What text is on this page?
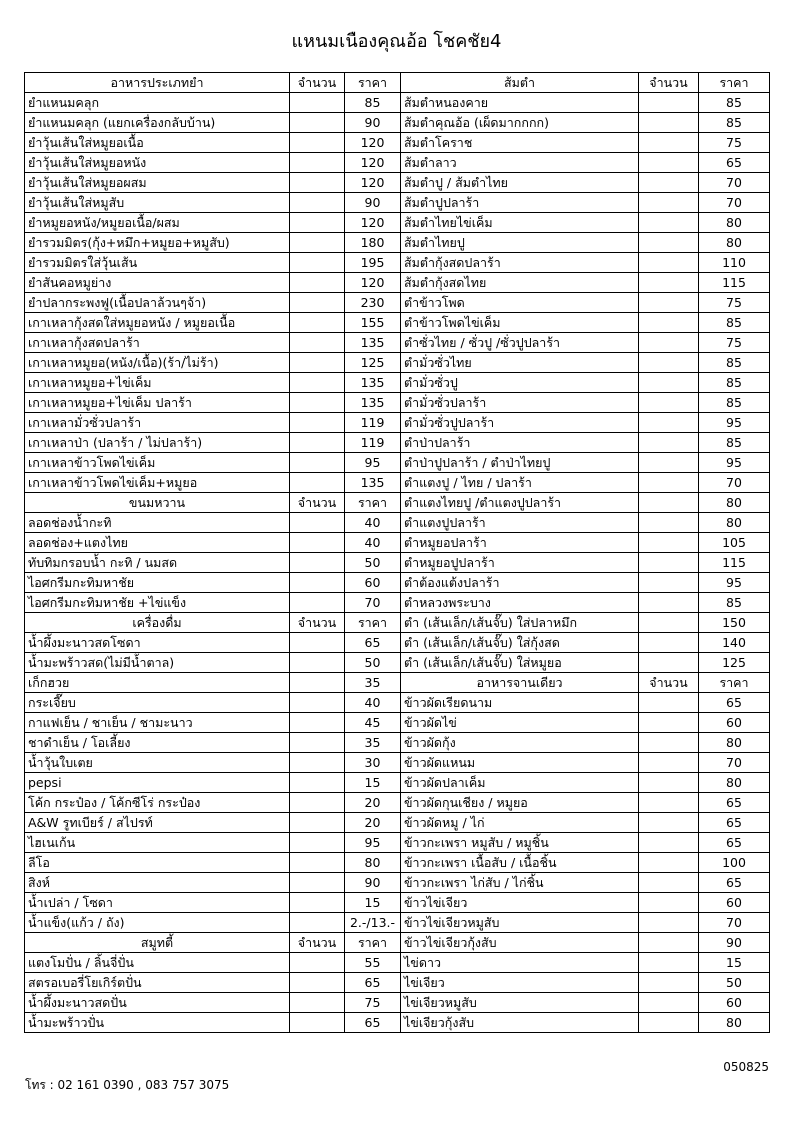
แหนมเนืองคุณอ้อ โชคชัย4
อาหารประเภทยำ	จำนวน	ราคา	ส้มตำ	จำนวน	ราคา
ยำแหนมคลุก		85	ส้มตำหนองคาย		85
ยำแหนมคลุก (แยกเครื่องกลับบ้าน)		90	ส้มตำคุณอ้อ (เผ็ดมากกกก)		85
ยำวุ้นเส้นใส่หมูยอเนื้อ		120	ส้มตำโคราช		75
ยำวุ้นเส้นใส่หมูยอหนัง		120	ส้มตำลาว		65
ยำวุ้นเส้นใส่หมูยอผสม		120	ส้มตำปู / ส้มตำไทย		70
ยำวุ้นเส้นใส่หมูสับ		90	ส้มตำปูปลาร้า		70
ยำหมูยอหนัง/หมูยอเนื้อ/ผสม		120	ส้มตำไทยไข่เค็ม		80
ยำรวมมิตร(กุ้ง+หมึก+หมูยอ+หมูสับ)		180	ส้มตำไทยปู		80
ยำรวมมิตรใส่วุ้นเส้น		195	ส้มตำกุ้งสดปลาร้า		110
ยำสันคอหมูย่าง		120	ส้มตำกุ้งสดไทย		115
ยำปลากระพงฟู(เนื้อปลาล้วนๆจ้า)		230	ตำข้าวโพด		75
เกาเหลากุ้งสดใส่หมูยอหนัง / หมูยอเนื้อ		155	ตำข้าวโพดไข่เค็ม		85
เกาเหลากุ้งสดปลาร้า		135	ตำซั่วไทย / ซั่วปู /ซั่วปูปลาร้า		75
เกาเหลาหมูยอ(หนัง/เนื้อ)(ร้า/ไม่ร้า)		125	ตำมั่วซั่วไทย		85
เกาเหลาหมูยอ+ไข่เค็ม		135	ตำมั่วซั่วปู		85
เกาเหลาหมูยอ+ไข่เค็ม ปลาร้า		135	ตำมั่วซั่วปลาร้า		85
เกาเหลามั่วซั่วปลาร้า		119	ตำมั่วซั่วปูปลาร้า		95
เกาเหลาป่า (ปลาร้า / ไม่ปลาร้า)		119	ตำป่าปลาร้า		85
เกาเหลาข้าวโพดไข่เค็ม		95	ตำป่าปูปลาร้า / ตำป่าไทยปู		95
เกาเหลาข้าวโพดไข่เค็ม+หมูยอ		135	ตำแตงปู / ไทย / ปลาร้า		70
ขนมหวาน	จำนวน	ราคา	ตำแตงไทยปู /ตำแตงปูปลาร้า		80
ลอดช่องน้ำกะทิ		40	ตำแตงปูปลาร้า		80
ลอดช่อง+แตงไทย		40	ตำหมูยอปลาร้า		105
ทับทิมกรอบน้ำ กะทิ / นมสด		50	ตำหมูยอปูปลาร้า		115
ไอศกรีมกะทิมหาชัย		60	ตำต้องแต้งปลาร้า		95
ไอศกรีมกะทิมหาชัย +ไข่แข็ง		70	ตำหลวงพระบาง		85
เครื่องดื่ม	จำนวน	ราคา	ตำ (เส้นเล็ก/เส้นจั๊บ) ใส่ปลาหมึก		150
น้ำผึ้งมะนาวสดโซดา		65	ตำ (เส้นเล็ก/เส้นจั๊บ) ใส่กุ้งสด		140
น้ำมะพร้าวสด(ไม่มีน้ำตาล)		50	ตำ (เส้นเล็ก/เส้นจั๊บ) ใส่หมูยอ		125
เก็กฮวย		35	อาหารจานเดียว	จำนวน	ราคา
กระเจี๊ยบ		40	ข้าวผัดเรียดนาม		65
กาแฟเย็น / ชาเย็น / ชามะนาว		45	ข้าวผัดไข่		60
ชาดำเย็น / โอเลี้ยง		35	ข้าวผัดกุ้ง		80
น้ำวุ้นใบเตย		30	ข้าวผัดแหนม		70
pepsi		15	ข้าวผัดปลาเค็ม		80
โค้ก กระป๋อง / โค้กซีโร่ กระป๋อง		20	ข้าวผัดกุนเชียง / หมูยอ		65
A&W รูทเบียร์ / สไปรท์		20	ข้าวผัดหมู / ไก่		65
ไฮเนเก้น		95	ข้าวกะเพรา หมูสับ / หมูชิ้น		65
ลีโอ		80	ข้าวกะเพรา เนื้อสับ / เนื้อชิ้น		100
สิงห์		90	ข้าวกะเพรา ไก่สับ / ไก่ชิ้น		65
น้ำเปล่า / โซดา		15	ข้าวไข่เจียว		60
น้ำแข็ง(แก้ว / ถัง)		2.-/13.-	ข้าวไข่เจียวหมูสับ		70
สมูทตี้	จำนวน	ราคา	ข้าวไข่เจียวกุ้งสับ		90
แตงโมปั่น / ลิ้นจี่ปั่น		55	ไข่ดาว		15
สตรอเบอรี่โยเกิร์ตปั่น		65	ไข่เจียว		50
น้ำผึ้งมะนาวสดปั่น		75	ไข่เจียวหมูสับ		60
น้ำมะพร้าวปั่น		65	ไข่เจียวกุ้งสับ		80
050825
โทร : 02 161 0390 , 083 757 3075
